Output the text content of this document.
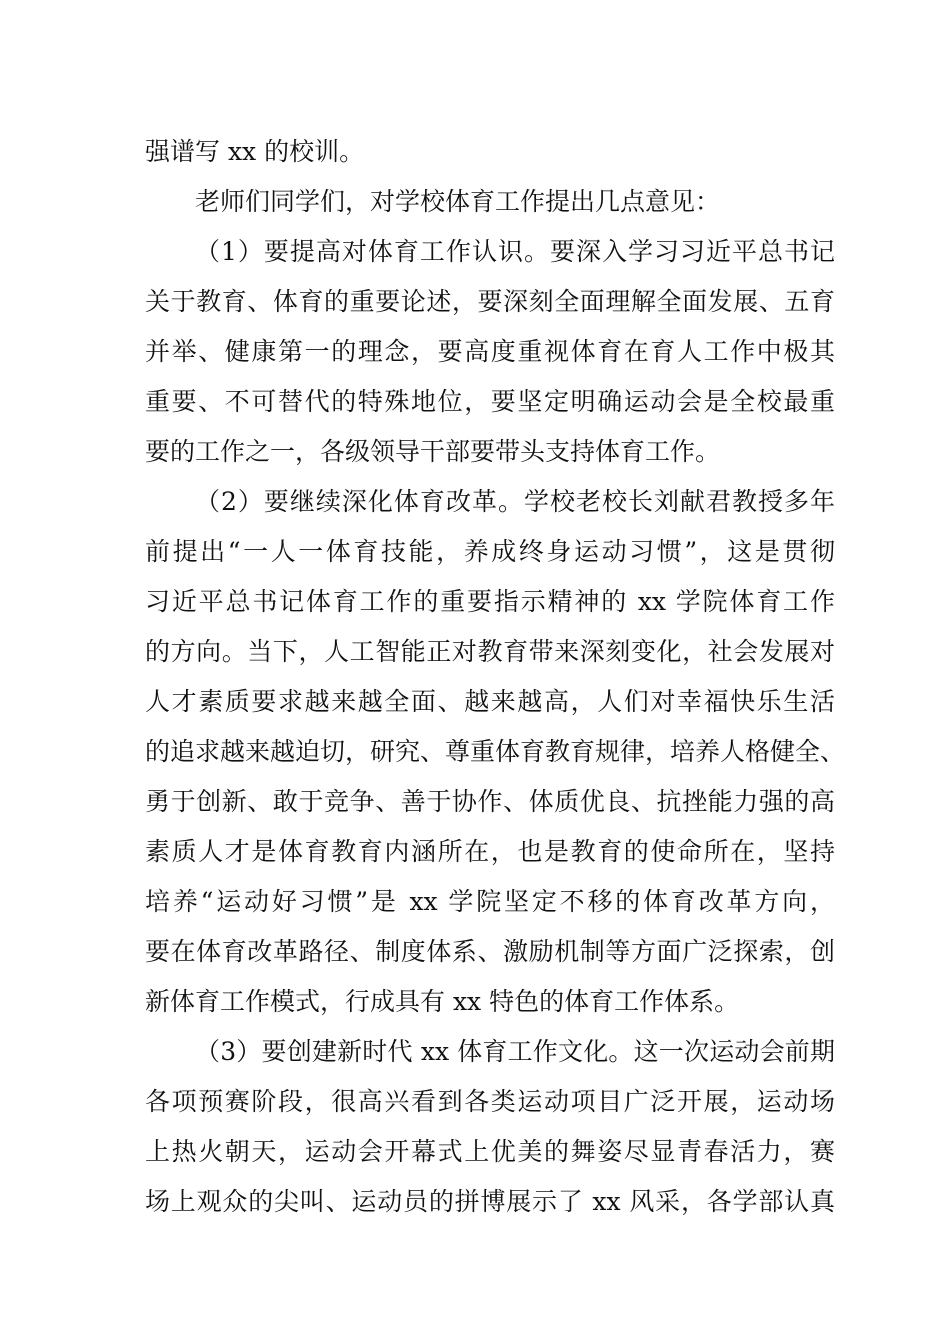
强谱写 xx 的校训。
老师们同学们，对学校体育工作提出几点意见：
（1）要提高对体育工作认识。要深入学习习近平总书记
关于教育、体育的重要论述，要深刻全面理解全面发展、五育
并举、健康第一的理念，要高度重视体育在育人工作中极其
重要、不可替代的特殊地位，要坚定明确运动会是全校最重
要的工作之一，各级领导干部要带头支持体育工作。
（2）要继续深化体育改革。学校老校长刘献君教授多年
前提出“一人一体育技能，养成终身运动习惯”，这是贯彻
习近平总书记体育工作的重要指示精神的 xx 学院体育工作
的方向。当下，人工智能正对教育带来深刻变化，社会发展对
人才素质要求越来越全面、越来越高，人们对幸福快乐生活
的追求越来越迫切，研究、尊重体育教育规律，培养人格健全、
勇于创新、敢于竞争、善于协作、体质优良、抗挫能力强的高
素质人才是体育教育内涵所在，也是教育的使命所在，坚持
培养“运动好习惯”是 xx 学院坚定不移的体育改革方向，
要在体育改革路径、制度体系、激励机制等方面广泛探索，创
新体育工作模式，行成具有 xx 特色的体育工作体系。
（3）要创建新时代 xx 体育工作文化。这一次运动会前期
各项预赛阶段，很高兴看到各类运动项目广泛开展，运动场
上热火朝天，运动会开幕式上优美的舞姿尽显青春活力，赛
场上观众的尖叫、运动员的拼博展示了 xx 风采，各学部认真
